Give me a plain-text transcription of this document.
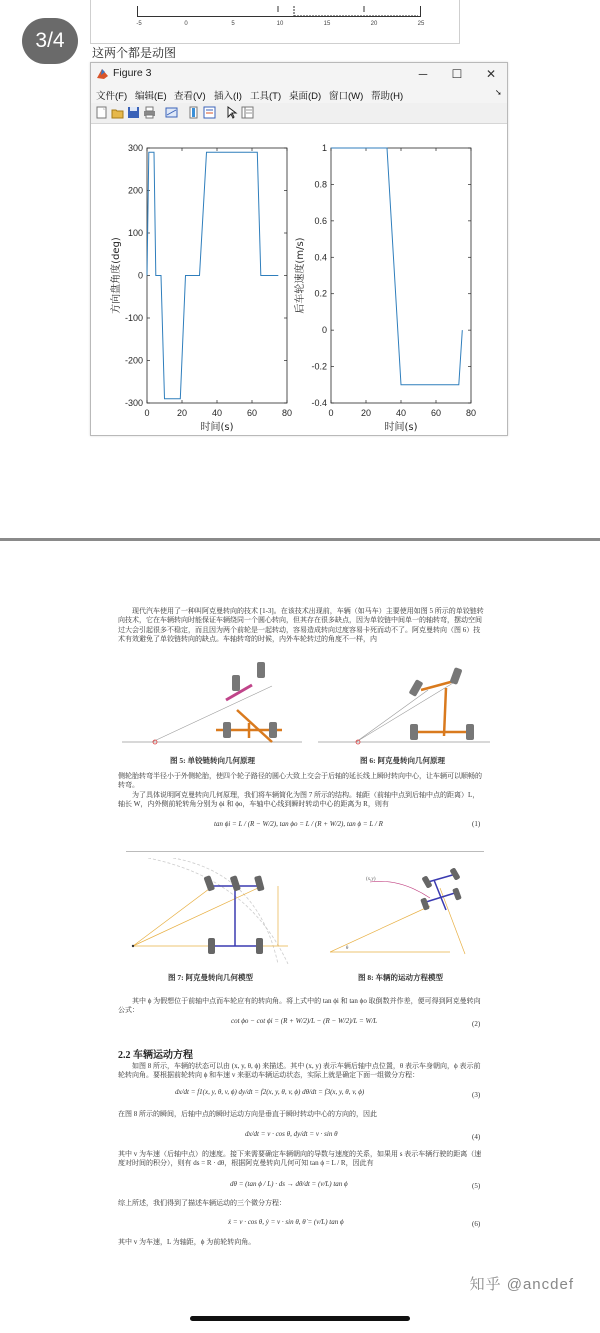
-5	0	5	10	15	20	25
3/4
这两个都是动图
Figure 3	─	☐	✕
文件(F) 编辑(E) 查看(V) 插入(I) 工具(T) 桌面(D) 窗口(W) 帮助(H)	➘
0	20	40	60	80
-300
-200
-100
0
100
200
300
时间(s)
方向盘角度(deg)
0	20	40	60	80
-0.4
-0.2
0
0.2
0.4
0.6
0.8
1
时间(s)
后车轮速度(m/s)
现代汽车使用了一种叫阿克曼转向的技术 [1-3]。在该技术出现前，车辆（如马车）主要使用如图 5 所示的单铰链转向技术，它在车辆转向时能保证车辆绕同一个圆心转向，但其存在很多缺点，因为单铰链中间单一的轴转弯，摆动空间过大会引起很多不稳定，而且因为两个前轮是一起转动，容易造成转向过度容易卡死而动不了。阿克曼转向（图 6）技术有效避免了单铰链转向的缺点。车轴转弯的时候，内外车轮转过的角度不一样，内
图 5: 单铰链转向几何原理	图 6: 阿克曼转向几何原理
侧轮胎转弯半径小于外侧轮胎，使四个轮子路径的圆心大致上交会于后轴的延长线上瞬时转向中心，让车辆可以顺畅的转弯。
为了具体说明阿克曼转向几何原理，我们将车辆简化为图 7 所示的结构。轴距（前轴中点到后轴中点的距离）L，轴长 W，内外侧前轮转角分别为 ϕi 和 ϕo，车轴中心线到瞬时转动中心的距离为 R，则有
tan ϕi = L / (R − W/2), tan ϕo = L / (R + W/2), tan ϕ = L / R	(1)
图 7: 阿克曼转向几何模型
(x,y)
θ
图 8: 车辆的运动方程模型
其中 ϕ 为假想位于前轴中点而车轮应有的转向角。将上式中的 tan ϕi 和 tan ϕo 取倒数并作差，便可得到阿克曼转向公式：
cot ϕo − cot ϕi = (R + W/2)/L − (R − W/2)/L = W/L	(2)
2.2 车辆运动方程
如图 8 所示，车辆的状态可以由 (x, y, θ, ϕ) 来描述。其中 (x, y) 表示车辆后轴中点位置，θ 表示车身朝向，ϕ 表示前轮转向角。要根据前轮转向 ϕ 和车速 v 来驱动车辆运动状态，实际上就是确定下面一组微分方程：
dx/dt = f1(x, y, θ, v, ϕ) dy/dt = f2(x, y, θ, v, ϕ) dθ/dt = f3(x, y, θ, v, ϕ)	(3)
在图 8 所示的瞬间，后轴中点的瞬时运动方向是垂直于瞬时转动中心的方向的，因此
dx/dt = v · cos θ, dy/dt = v · sin θ	(4)
其中 v 为车速（后轴中点）的速度。接下来需要确定车辆朝向的导数与速度的关系，如果用 s 表示车辆行驶的距离（速度对时间的积分），则有 ds = R · dθ，根据阿克曼转向几何可知 tan ϕ = L / R，因此有
dθ = (tan ϕ / L) · ds → dθ/dt = (v/L) tan ϕ	(5)
综上所述，我们得到了描述车辆运动的三个微分方程：
ẋ = v · cos θ, ẏ = v · sin θ, θ̇ = (v/L) tan ϕ	(6)
其中 v 为车速，L 为轴距，ϕ 为前轮转向角。
知乎 @ancdef
